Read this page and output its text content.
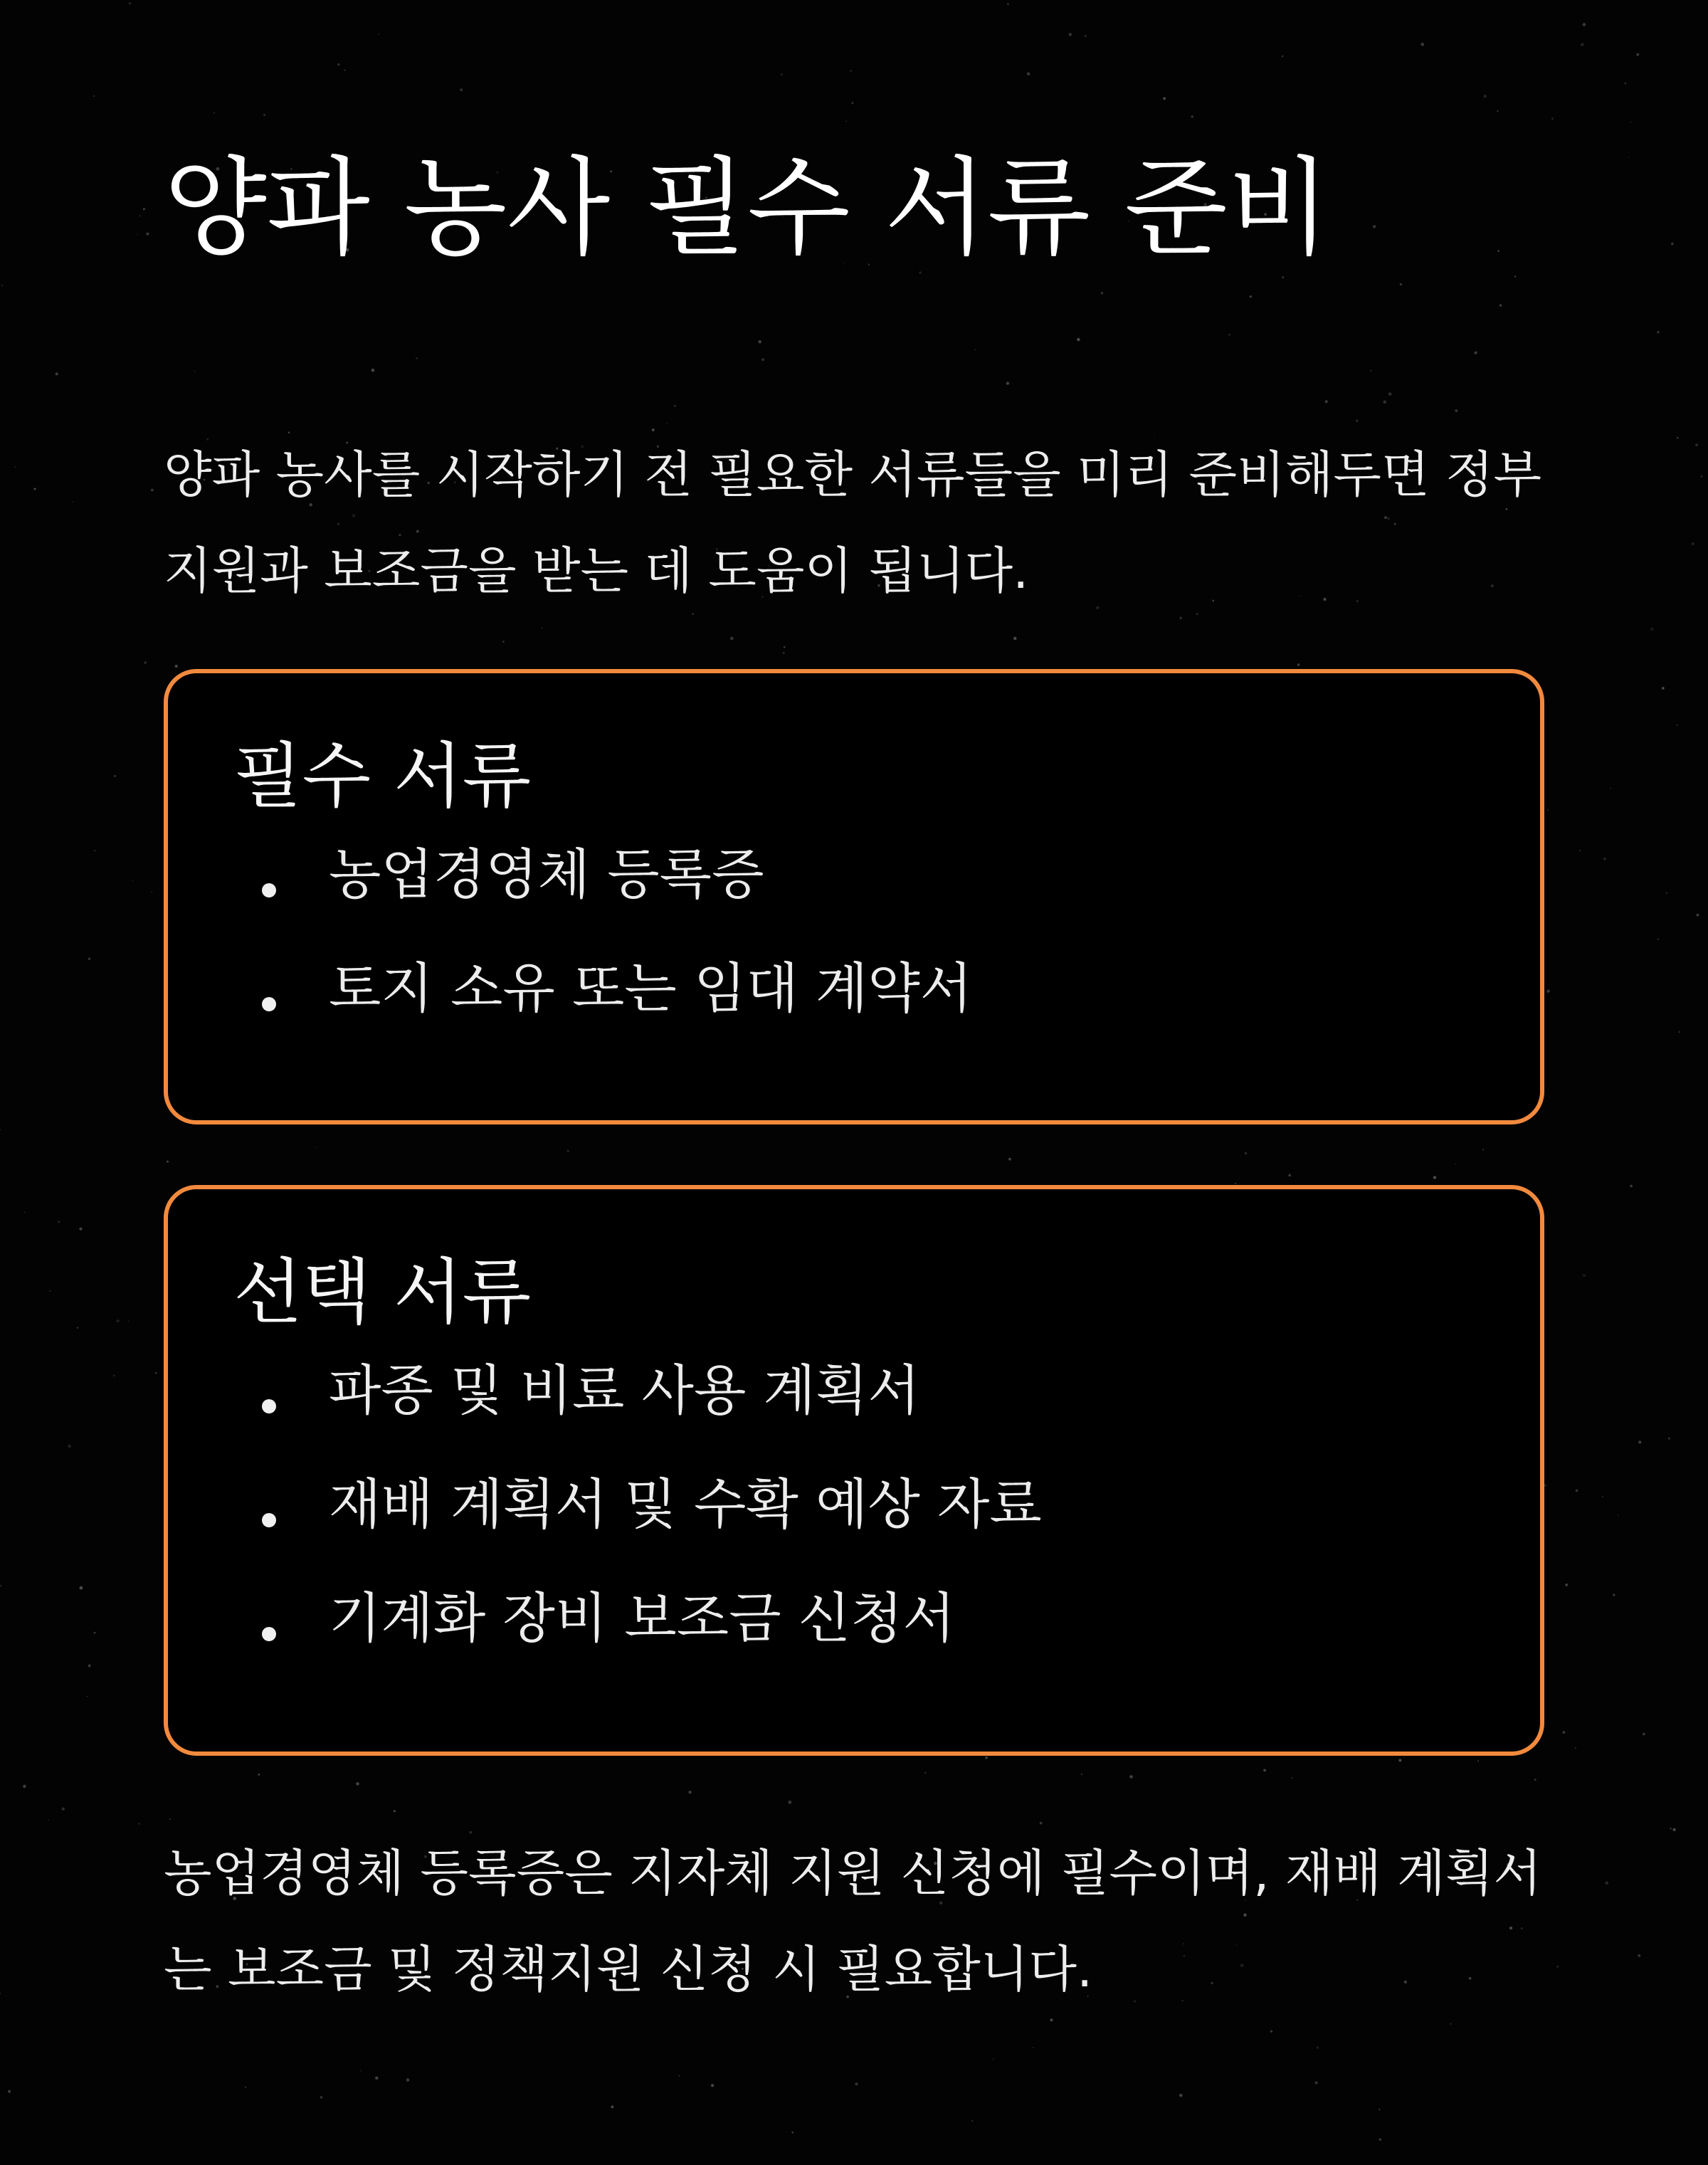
양파 농사 필수 서류 준비

양파 농사를 시작하기 전 필요한 서류들을 미리 준비해두면 정부 지원과 보조금을 받는 데 도움이 됩니다.

필수 서류
농업경영체 등록증
토지 소유 또는 임대 계약서
선택 서류
파종 및 비료 사용 계획서
재배 계획서 및 수확 예상 자료
기계화 장비 보조금 신청서

농업경영체 등록증은 지자체 지원 신청에 필수이며, 재배 계획서는 보조금 및 정책지원 신청 시 필요합니다.
